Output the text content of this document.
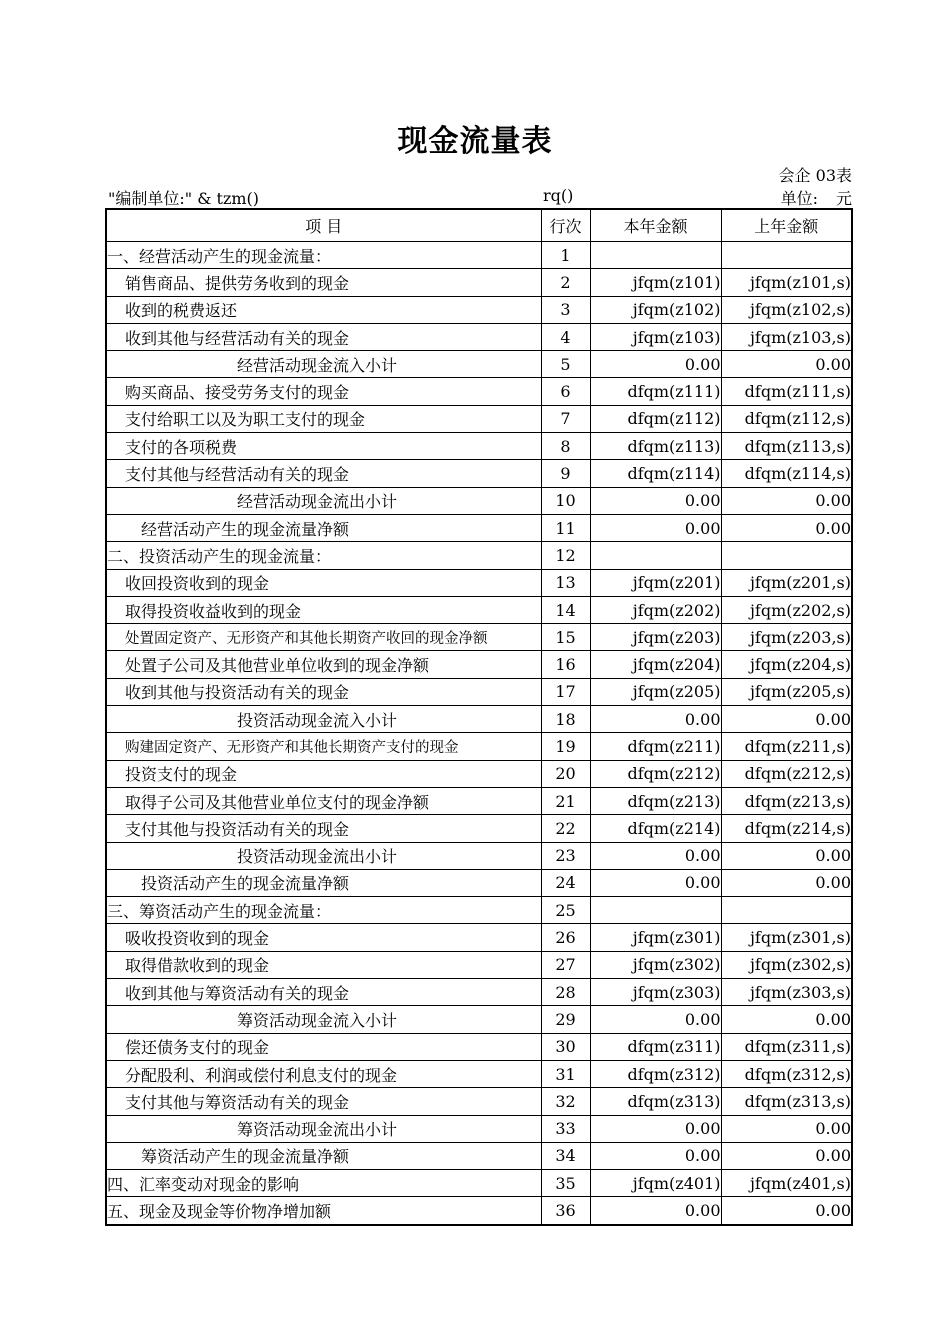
现金流量表
会企 03表
"编制单位:" & tzm()	rq()	单位: 元
项 目	行次	本年金额	上年金额
一、经营活动产生的现金流量：	1		
销售商品、提供劳务收到的现金	2	jfqm(z101)	jfqm(z101,s)
收到的税费返还	3	jfqm(z102)	jfqm(z102,s)
收到其他与经营活动有关的现金	4	jfqm(z103)	jfqm(z103,s)
经营活动现金流入小计	5	0.00	0.00
购买商品、接受劳务支付的现金	6	dfqm(z111)	dfqm(z111,s)
支付给职工以及为职工支付的现金	7	dfqm(z112)	dfqm(z112,s)
支付的各项税费	8	dfqm(z113)	dfqm(z113,s)
支付其他与经营活动有关的现金	9	dfqm(z114)	dfqm(z114,s)
经营活动现金流出小计	10	0.00	0.00
经营活动产生的现金流量净额	11	0.00	0.00
二、投资活动产生的现金流量：	12		
收回投资收到的现金	13	jfqm(z201)	jfqm(z201,s)
取得投资收益收到的现金	14	jfqm(z202)	jfqm(z202,s)
处置固定资产、无形资产和其他长期资产收回的现金净额	15	jfqm(z203)	jfqm(z203,s)
处置子公司及其他营业单位收到的现金净额	16	jfqm(z204)	jfqm(z204,s)
收到其他与投资活动有关的现金	17	jfqm(z205)	jfqm(z205,s)
投资活动现金流入小计	18	0.00	0.00
购建固定资产、无形资产和其他长期资产支付的现金	19	dfqm(z211)	dfqm(z211,s)
投资支付的现金	20	dfqm(z212)	dfqm(z212,s)
取得子公司及其他营业单位支付的现金净额	21	dfqm(z213)	dfqm(z213,s)
支付其他与投资活动有关的现金	22	dfqm(z214)	dfqm(z214,s)
投资活动现金流出小计	23	0.00	0.00
投资活动产生的现金流量净额	24	0.00	0.00
三、筹资活动产生的现金流量：	25		
吸收投资收到的现金	26	jfqm(z301)	jfqm(z301,s)
取得借款收到的现金	27	jfqm(z302)	jfqm(z302,s)
收到其他与筹资活动有关的现金	28	jfqm(z303)	jfqm(z303,s)
筹资活动现金流入小计	29	0.00	0.00
偿还债务支付的现金	30	dfqm(z311)	dfqm(z311,s)
分配股利、利润或偿付利息支付的现金	31	dfqm(z312)	dfqm(z312,s)
支付其他与筹资活动有关的现金	32	dfqm(z313)	dfqm(z313,s)
筹资活动现金流出小计	33	0.00	0.00
筹资活动产生的现金流量净额	34	0.00	0.00
四、汇率变动对现金的影响	35	jfqm(z401)	jfqm(z401,s)
五、现金及现金等价物净增加额	36	0.00	0.00
